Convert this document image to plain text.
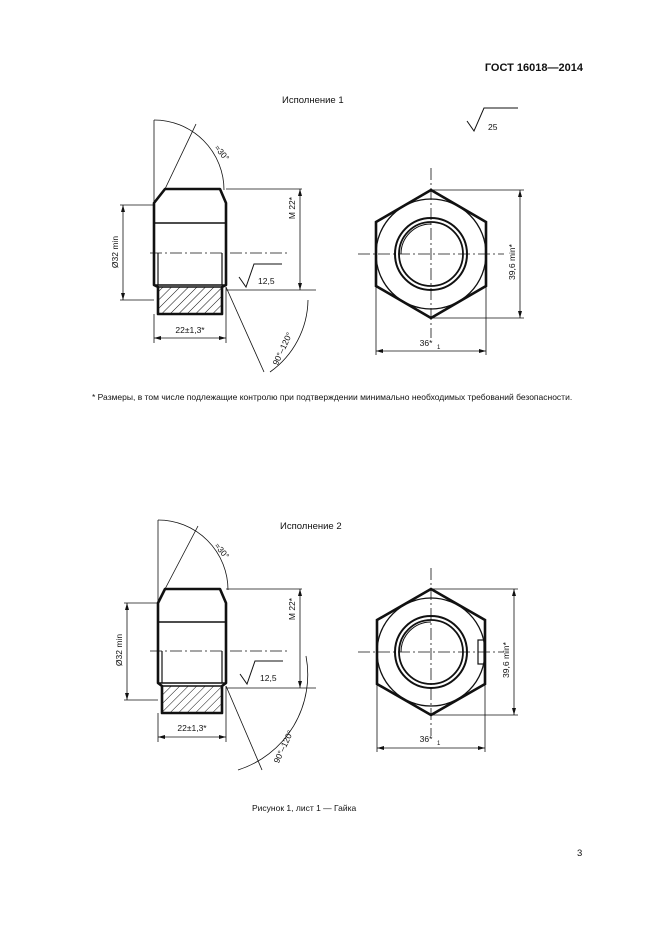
ГОСТ 16018—2014
Исполнение 1
* Размеры, в том числе подлежащие контролю при подтверждении минимально необходимых требований безопасности.
Исполнение 2
Рисунок 1, лист 1 — Гайка
3
25
Ø32 min
22±1,3*
M 22*
≈30°
12,5
90°–120°
39,6 min*
36* 1
Ø32 min
22±1,3*
M 22*
≈30°
12,5
90°–120°
39,6 min*
36* 1
